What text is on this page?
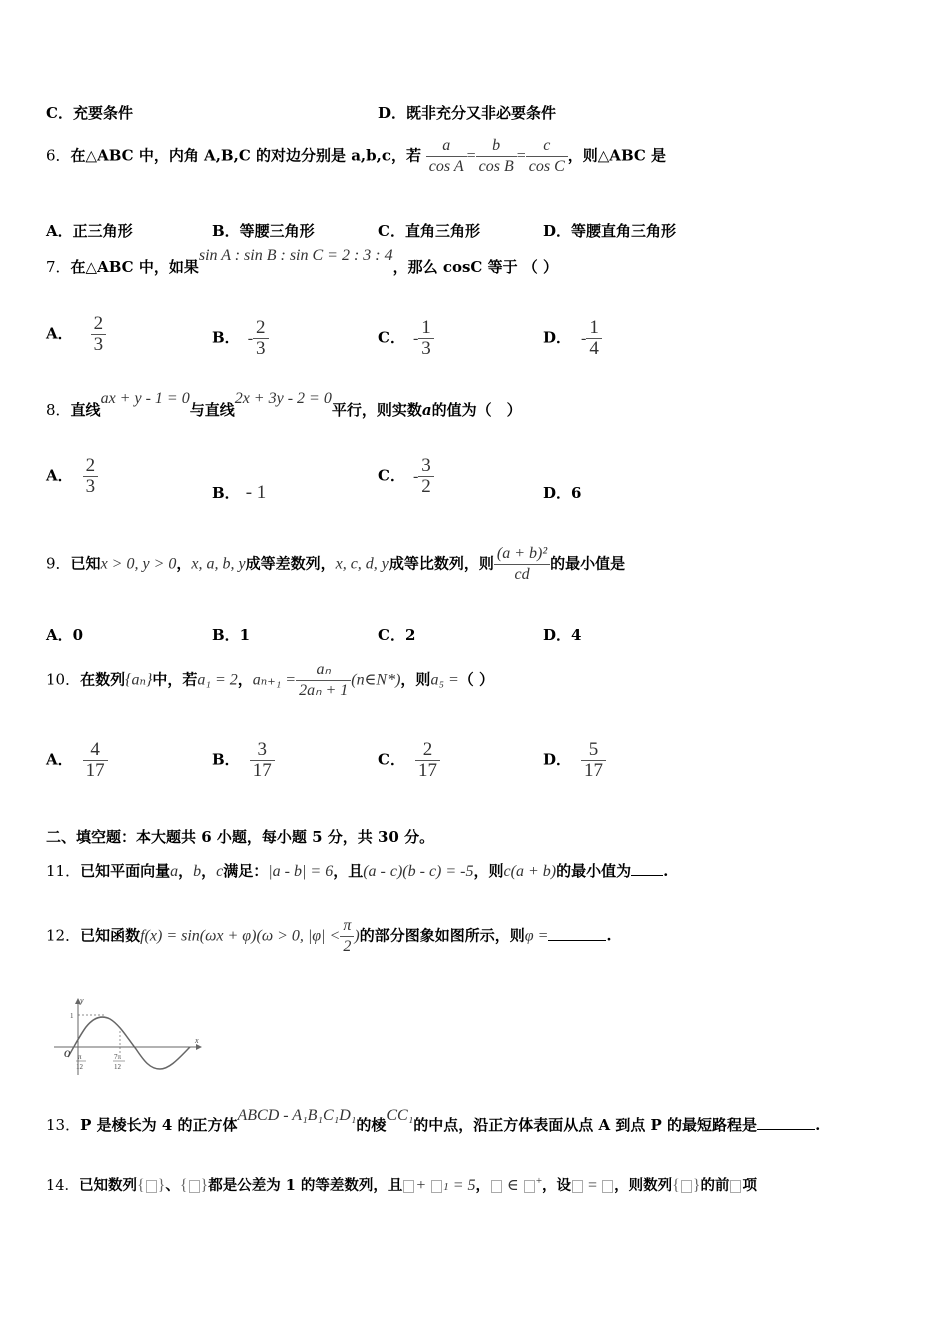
C．充要条件	D．既非充分又非必要条件
6．在△ABC 中，内角 A,B,C 的对边分别是 a,b,c，若 $\frac{a}{\text{cos A}} = \frac{b}{\text{cos B}} = \frac{c}{\text{cos C}}$ ，则△ABC 是
A．正三角形	B．等腰三角形	C．直角三角形	D．等腰直角三角形
7．在△ABC 中，如果sin A : sin B : sin C = 2 : 3 : 4，那么 cosC 等于 （ ）
A． $\frac{2}{3}$	B． - $\frac{2}{3}$	C． - $\frac{1}{3}$	D． - $\frac{1}{4}$
8．直线ax + y - 1 = 0与直线2x + 3y - 2 = 0平行，则实数a的值为（　）
A． $\frac{2}{3}$	B． - 1
C． - $\frac{3}{2}$	D．6
9．已知x > 0, y > 0，x, a, b, y成等差数列，x, c, d, y成等比数列，则 $\frac{\text{(a + b)²}}{cd}$ 的最小值是
A．0	B．1	C．2	D．4
10．在数列{aₙ}中，若a₁ = 2，$a_{n+1} = \frac{\text{aₙ}}{\text{2aₙ + 1}}$ (n∈N*)，则a₅ =（ ）
A． $\frac{4}{17}$	B． $\frac{3}{17}$	C． $\frac{2}{17}$	D． $\frac{5}{17}$
二、填空题：本大题共 6 小题，每小题 5 分，共 30 分。
11．已知平面向量a，b，c满足：|a - b| = 6，且(a - c)(b - c) = -5，则c(a + b)的最小值为 .
12．已知函数f(x) = sin(ωx + φ)(ω > 0, $|\varphi| < \frac{\pi}{2}$ )的部分图象如图所示，则φ =	.
y
x
O
1
π
12
7π
12
13．P 是棱长为 4 的正方体ABCD - A₁B₁C₁D₁的棱CC₁的中点，沿正方体表面从点 A 到点 P 的最短路程是	.
14．已知数列{ }、{ }都是公差为 1 的等差数列，且 + 1 = 5， ∈ +，设 = ，则数列{ }的前 项
